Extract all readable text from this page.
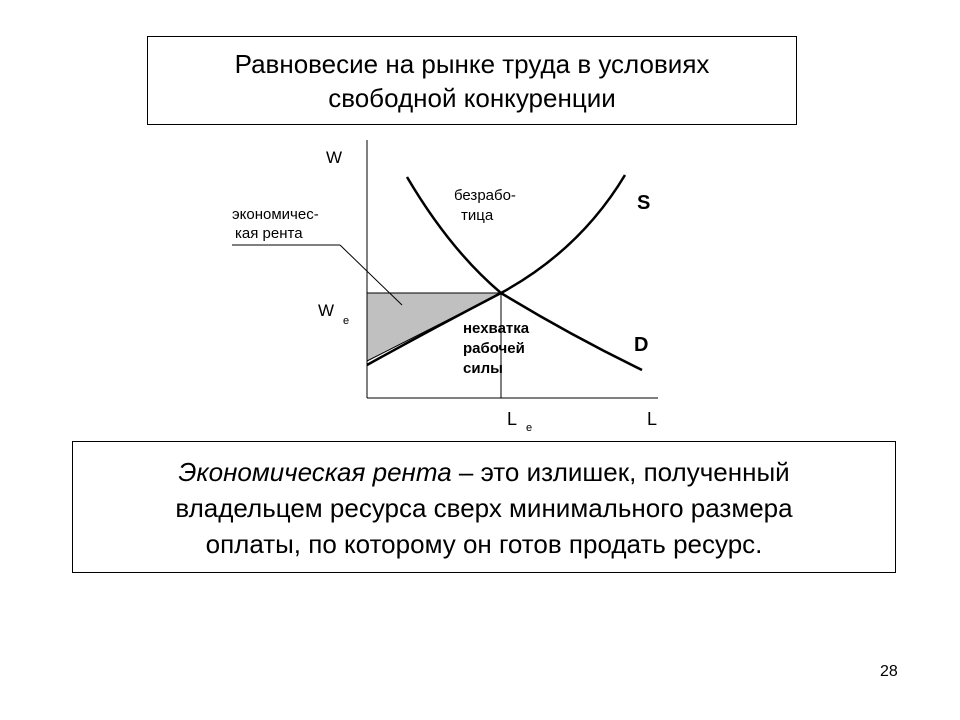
Равновесие на рынке труда в условиях
свободной конкуренции
W
L
W
e
L e
S
D
экономичес-
кая рента
безрабо-
тица
нехватка
рабочей
силы
Экономическая рента – это излишек, полученный
владельцем ресурса сверх минимального размера
оплаты, по которому он готов продать ресурс.
28
